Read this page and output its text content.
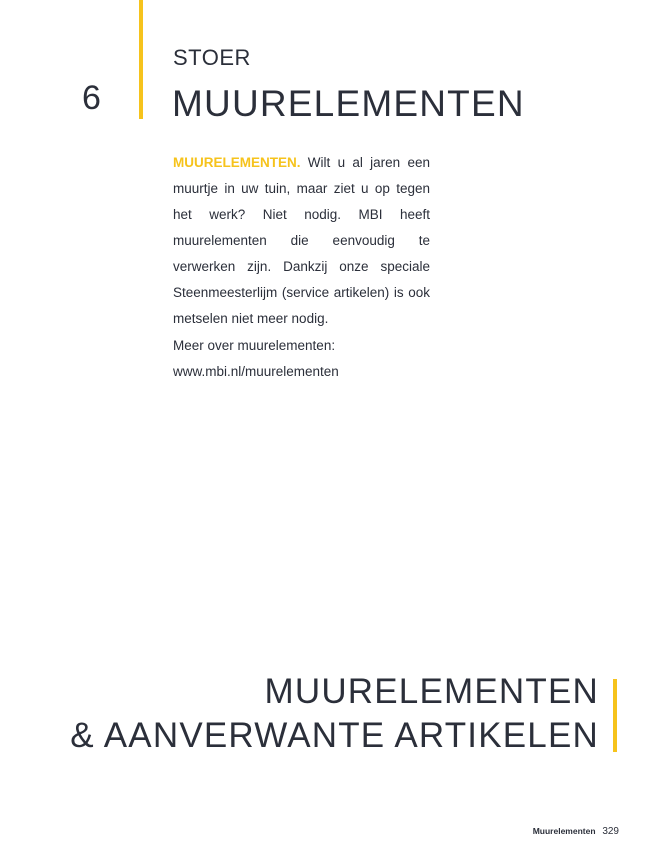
6
STOER
MUURELEMENTEN

MUURELEMENTEN. Wilt u al jaren een muurtje in uw tuin, maar ziet u op tegen het werk? Niet nodig. MBI heeft muurelementen die eenvoudig te verwerken zijn. Dankzij onze speciale Steenmeesterlijm (service artikelen) is ook metselen niet meer nodig.

Meer over muurelementen:
www.mbi.nl/muurelementen
MUURELEMENTEN
& AANVERWANTE ARTIKELEN
Muurelementen 329
